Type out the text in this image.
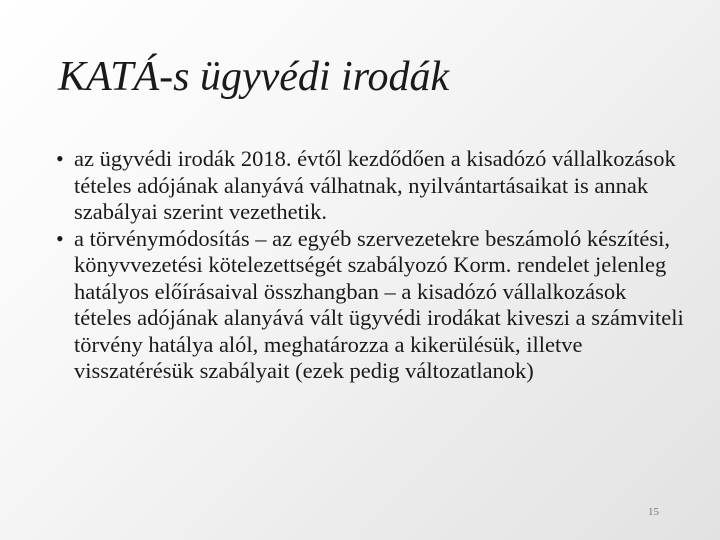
KATÁ-s ügyvédi irodák
• az ügyvédi irodák 2018. évtől kezdődően a kisadózó vállalkozások tételes adójának alanyává válhatnak, nyilvántartásaikat is annak szabályai szerint vezethetik.
• a törvénymódosítás – az egyéb szervezetekre beszámoló készítési, könyvvezetési kötelezettségét szabályozó Korm. rendelet jelenleg hatályos előírásaival összhangban – a kisadózó vállalkozások tételes adójának alanyává vált ügyvédi irodákat kiveszi a számviteli törvény hatálya alól, meghatározza a kikerülésük, illetve visszatérésük szabályait (ezek pedig változatlanok)
15
